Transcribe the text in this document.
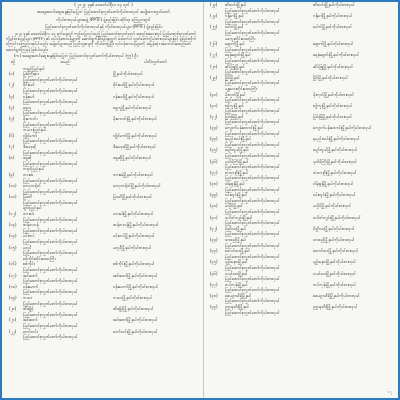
( ၂၀၂၃ ခုနှစ် ဖေဖော်ဝါရီလ ၁၄ ရက် )
အချေအတင်ဆွေးနွေးခြင်းမပြုဘဲ ပြည်ထောင်စုလွှတ်တော်ကိုယ်စားလှယ် အမျိုးသားလွှတ်တော်
ကိုယ်စားလှယ်များအဖွဲ့ (PPTF) ဖွဲ့စည်းခြင်း ဆိုင်ရာ ကြေညာချက်
ပြည်ထောင်စုလွှတ်တော်ကိုယ်စားလှယ်နှင့် ကိုယ်စားလှယ်များ (PPTF) ဖွဲ့စည်းခြင်း
၂၀၂၃ ခုနှစ် ဖေဖော်ဝါရီလ ၁၄ ရက်နေ့တွင် ကျင်းပပြုလုပ်သည့် ပြည်ထောင်စုလွှတ်တော် အစည်းအဝေးတွင် ပြည်ထောင်စုလွှတ်တော်ကိုယ်စားလှယ်များ (PPTF) ၏ လုပ်ငန်းတာဝန်များကို ဆောင်ရွက်နိုင်ရန်အတွက် အောက်ပါ လွှတ်တော်ကိုယ်စားလှယ်များဖြင့် ဖွဲ့စည်းလိုက်ကြောင်း ကြေညာအပ်ပါသည်။ အဖွဲ့ဝင်များသည် ပြည်သူ့ဆန္ဒကို ကိုယ်စားပြုပြီး လုပ်ငန်းတာဝန်များကို အမြန်ဆုံး အကောင်အထည်ဖော် ဆောင်ရွက်ကြရန် ဖြစ်ပါသည်။
(က) အချေအတင်ဆွေးနွေးခြင်းမပြုဘဲ ပြည်ထောင်စုလွှတ်တော်ကိုယ်စားလှယ် (၅၅) ဦး
စဉ်	အမည်	ပါတီ/လွှတ်တော်
ကချင်ပြည်နယ်
(၁)	မြစ်ကြီးနား	မြို့နယ်ကိုယ်စားလှယ်
ပြည်ထောင်စုလွှတ်တော်ကိုယ်စားလှယ်
(၂)	ဝိုင်းမော်	ဝိုင်းမော်မြို့နယ်ကိုယ်စားလှယ်
ပြည်ထောင်စုလွှတ်တော်ကိုယ်စားလှယ်
(၃)	ဗန်းမော်	ဗန်းမော်မြို့နယ်ကိုယ်စားလှယ်
ပြည်ထောင်စုလွှတ်တော်ကိုယ်စားလှယ်
(၄)	ရွှေကူ	ရွှေကူမြို့နယ်ကိုယ်စားလှယ်
ပြည်ထောင်စုလွှတ်တော်ကိုယ်စားလှယ်
(၅)	မိုးကောင်း	မိုးကောင်းမြို့နယ်ကိုယ်စားလှယ်
ပြည်ထောင်စုလွှတ်တော်ကိုယ်စားလှယ်
ကယားပြည်နယ်
(၆)	လွိုင်ကော်	လွိုင်ကော်မြို့နယ်ကိုယ်စားလှယ်
ပြည်ထောင်စုလွှတ်တော်ကိုယ်စားလှယ်
(၇)	ဒီးမော့ဆို	ဒီးမော့ဆိုမြို့နယ်ကိုယ်စားလှယ်
ပြည်ထောင်စုလွှတ်တော်ကိုယ်စားလှယ်
(၈)	ဖရူဆို	ဖရူဆိုမြို့နယ်ကိုယ်စားလှယ်
ပြည်ထောင်စုလွှတ်တော်ကိုယ်စားလှယ်
ကရင်ပြည်နယ်
(၉)	ဘားအံ	ဘားအံမြို့နယ်ကိုယ်စားလှယ်
ပြည်ထောင်စုလွှတ်တော်ကိုယ်စားလှယ်
(၁၀)	ကော့ကရိတ်	ကော့ကရိတ်မြို့နယ်ကိုယ်စားလှယ်
ပြည်ထောင်စုလွှတ်တော်ကိုယ်စားလှယ်
(၁၁)	မြဝတီ	မြဝတီမြို့နယ်ကိုယ်စားလှယ်
ပြည်ထောင်စုလွှတ်တော်ကိုယ်စားလှယ်
ချင်းပြည်နယ်
(၁၂)	ဟားခါး	ဟားခါးမြို့နယ်ကိုယ်စားလှယ်
ပြည်ထောင်စုလွှတ်တော်ကိုယ်စားလှယ်
(၁၃)	ထန်တလန်	ထန်တလန်မြို့နယ်ကိုယ်စားလှယ်
ပြည်ထောင်စုလွှတ်တော်ကိုယ်စားလှယ်
(၁၄)	မင်းတပ်	မင်းတပ်မြို့နယ်ကိုယ်စားလှယ်
ပြည်ထောင်စုလွှတ်တော်ကိုယ်စားလှယ်
(၁၅)	မတူပီ	မတူပီမြို့နယ်ကိုယ်စားလှယ်
ပြည်ထောင်စုလွှတ်တော်ကိုယ်စားလှယ်
စစ်ကိုင်းတိုင်းဒေသကြီး
(၁၆)	စစ်ကိုင်း	စစ်ကိုင်းမြို့နယ်ကိုယ်စားလှယ်
ပြည်ထောင်စုလွှတ်တော်ကိုယ်စားလှယ်
(၁၇)	အင်းတော်	အင်းတော်မြို့နယ်ကိုယ်စားလှယ်
ပြည်ထောင်စုလွှတ်တော်ကိုယ်စားလှယ်
(၁၈)	ဗန်းမောက်	ဗန်းမောက်မြို့နယ်ကိုယ်စားလှယ်
ပြည်ထောင်စုလွှတ်တော်ကိုယ်စားလှယ်
(၁၉)	ကသာ	ကသာမြို့နယ်ကိုယ်စားလှယ်
ပြည်ထောင်စုလွှတ်တော်ကိုယ်စားလှယ်
(၂၀)	ထီးချိုင့်	ထီးချိုင့်မြို့နယ်ကိုယ်စားလှယ်
ပြည်ထောင်စုလွှတ်တော်ကိုယ်စားလှယ်
(၂၁)	အင်းတော်	အင်းတော်မြို့နယ်ကိုယ်စားလှယ်
ပြည်ထောင်စုလွှတ်တော်ကိုယ်စားလှယ်
(၂၂)	ကော်လင်း	ကော်လင်းမြို့နယ်ကိုယ်စားလှယ်
ပြည်ထောင်စုလွှတ်တော်ကိုယ်စားလှယ်
(၂၃)	ထီးလင်းမြို့နယ်	ထီးလင်းမြို့နယ်ကိုယ်စားလှယ်
ပြည်ထောင်စုလွှတ်တော်ကိုယ်စားလှယ်
(၂၄)	ဂန့်ဂေါမြို့နယ်	ဂန့်ဂေါမြို့နယ်ကိုယ်စားလှယ်
ပြည်ထောင်စုလွှတ်တော်ကိုယ်စားလှယ်
(၂၅)	ပေါက်မြို့နယ်	ပေါက်မြို့နယ်ကိုယ်စားလှယ်
ပြည်ထောင်စုလွှတ်တော်ကိုယ်စားလှယ်
မကွေးတိုင်းဒေသကြီး
(၂၆)	ချောက်မြို့နယ်	ချောက်မြို့နယ်ကိုယ်စားလှယ်
ပြည်ထောင်စုလွှတ်တော်ကိုယ်စားလှယ်
(၂၇)	ရေနံချောင်းမြို့နယ်	ရေနံချောင်းမြို့နယ်ကိုယ်စားလှယ်
ပြည်ထောင်စုလွှတ်တော်ကိုယ်စားလှယ်
(၂၈)	ဆိပ်ဖြူမြို့နယ်	ဆိပ်ဖြူမြို့နယ်ကိုယ်စားလှယ်
ပြည်ထောင်စုလွှတ်တော်ကိုယ်စားလှယ်
(၂၉)	မြိုင်မြို့နယ်	မြိုင်မြို့နယ်ကိုယ်စားလှယ်
ပြည်ထောင်စုလွှတ်တော်ကိုယ်စားလှယ်
မန္တလေးတိုင်းဒေသကြီး
(၃၀)	မိုးကုတ်မြို့နယ်	မိုးကုတ်မြို့နယ်ကိုယ်စားလှယ်
ပြည်ထောင်စုလွှတ်တော်ကိုယ်စားလှယ်
(၃၁)	စဉ့်ကူးမြို့နယ်	စဉ့်ကူးမြို့နယ်ကိုယ်စားလှယ်
ပြည်ထောင်စုလွှတ်တော်ကိုယ်စားလှယ်
(၃၂)	မြင်းခြံမြို့နယ်	မြင်းခြံမြို့နယ်ကိုယ်စားလှယ်
ပြည်ထောင်စုလွှတ်တော်ကိုယ်စားလှယ်
(၃၃)	ကျောက်ပန်းတောင်းမြို့နယ်	ကျောက်ပန်းတောင်းမြို့နယ်ကိုယ်စားလှယ်
ပြည်ထောင်စုလွှတ်တော်ကိုယ်စားလှယ်
(၃၄)	ရမည်းသင်းမြို့နယ်	ရမည်းသင်းမြို့နယ်ကိုယ်စားလှယ်
ပြည်ထောင်စုလွှတ်တော်ကိုယ်စားလှယ်
(၃၅)	ပျော်ဘွယ်မြို့နယ်	ပျော်ဘွယ်မြို့နယ်ကိုယ်စားလှယ်
ပြည်ထောင်စုလွှတ်တော်ကိုယ်စားလှယ်
(၃၆)	ပုသိမ်ကြီးမြို့နယ်	ပုသိမ်ကြီးမြို့နယ်ကိုယ်စားလှယ်
ပြည်ထောင်စုလွှတ်တော်ကိုယ်စားလှယ်
(၃၇)	တံတားဦးမြို့နယ်	တံတားဦးမြို့နယ်ကိုယ်စားလှယ်
ပြည်ထောင်စုလွှတ်တော်ကိုယ်စားလှယ်
(၃၈)	ငါန်းဇွန်မြို့နယ်	ငါန်းဇွန်မြို့နယ်ကိုယ်စားလှယ်
ပြည်ထောင်စုလွှတ်တော်ကိုယ်စားလှယ်
(၃၉)	ဝမ်းတွင်းမြို့နယ်	ဝမ်းတွင်းမြို့နယ်ကိုယ်စားလှယ်
ပြည်ထောင်စုလွှတ်တော်ကိုယ်စားလှယ်
(၄၀)	မလှိုင်မြို့နယ်	မလှိုင်မြို့နယ်ကိုယ်စားလှယ်
ပြည်ထောင်စုလွှတ်တော်ကိုယ်စားလှယ်
(၄၁)	သပိတ်ကျင်းမြို့နယ်	သပိတ်ကျင်းမြို့နယ်ကိုယ်စားလှယ်
ပြည်ထောင်စုလွှတ်တော်ကိုယ်စားလှယ်
(၄၂)	မိတ္ထီလာမြို့နယ်	မိတ္ထီလာမြို့နယ်ကိုယ်စားလှယ်
ပြည်ထောင်စုလွှတ်တော်ကိုယ်စားလှယ်
(၄၃)	သာစည်မြို့နယ်	သာစည်မြို့နယ်ကိုယ်စားလှယ်
ပြည်ထောင်စုလွှတ်တော်ကိုယ်စားလှယ်
(၄၄)	တောင်သာမြို့နယ်	တောင်သာမြို့နယ်ကိုယ်စားလှယ်
ပြည်ထောင်စုလွှတ်တော်ကိုယ်စားလှယ်
(၄၅)	ပျဉ်းမနားမြို့နယ်	ပျဉ်းမနားမြို့နယ်ကိုယ်စားလှယ်
ပြည်ထောင်စုလွှတ်တော်ကိုယ်စားလှယ်
(၄၆)	လယ်ဝေးမြို့နယ်	လယ်ဝေးမြို့နယ်ကိုယ်စားလှယ်
ပြည်ထောင်စုလွှတ်တော်ကိုယ်စားလှယ်
(၄၇)	တပ်ကုန်းမြို့နယ်	တပ်ကုန်းမြို့နယ်ကိုယ်စားလှယ်
ပြည်ထောင်စုလွှတ်တော်ကိုယ်စားလှယ်
(၄၈)	ဇေယျာသီရိမြို့နယ်	ဇေယျာသီရိမြို့နယ်ကိုယ်စားလှယ်
ပြည်ထောင်စုလွှတ်တော်ကိုယ်စားလှယ်
(၄၉)	ဥတ္တရသီရိမြို့နယ်	ဥတ္တရသီရိမြို့နယ်ကိုယ်စားလှယ်
ပြည်ထောင်စုလွှတ်တော်ကိုယ်စားလှယ်
၁၂
